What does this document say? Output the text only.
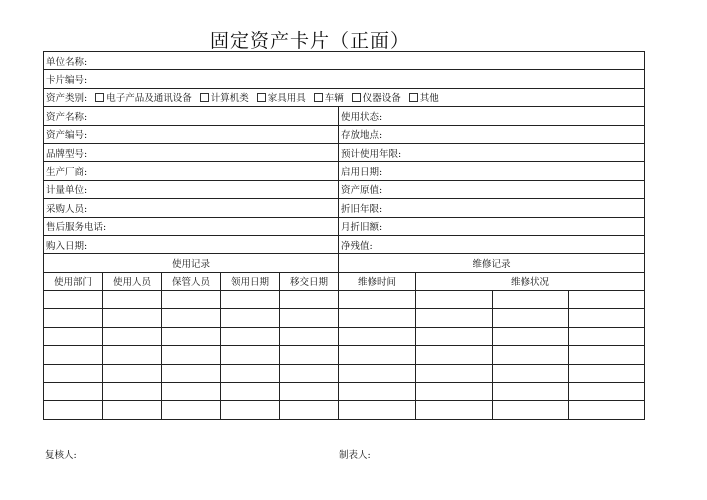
固定资产卡片（正面）
单位名称:								
卡片编号:								
资产类别: 电子产品及通讯设备 计算机类 家具用具 车辆 仪器设备 其他								
资产名称:					使用状态:			
资产编号:					存放地点:			
品牌型号:					预计使用年限:			
生产厂商:					启用日期:			
计量单位:					资产原值:			
采购人员:					折旧年限:			
售后服务电话:					月折旧额:			
购入日期:					净残值:			
使用记录					维修记录			
使用部门	使用人员	保管人员	领用日期	移交日期	维修时间	维修状况		

复核人:	制表人:
